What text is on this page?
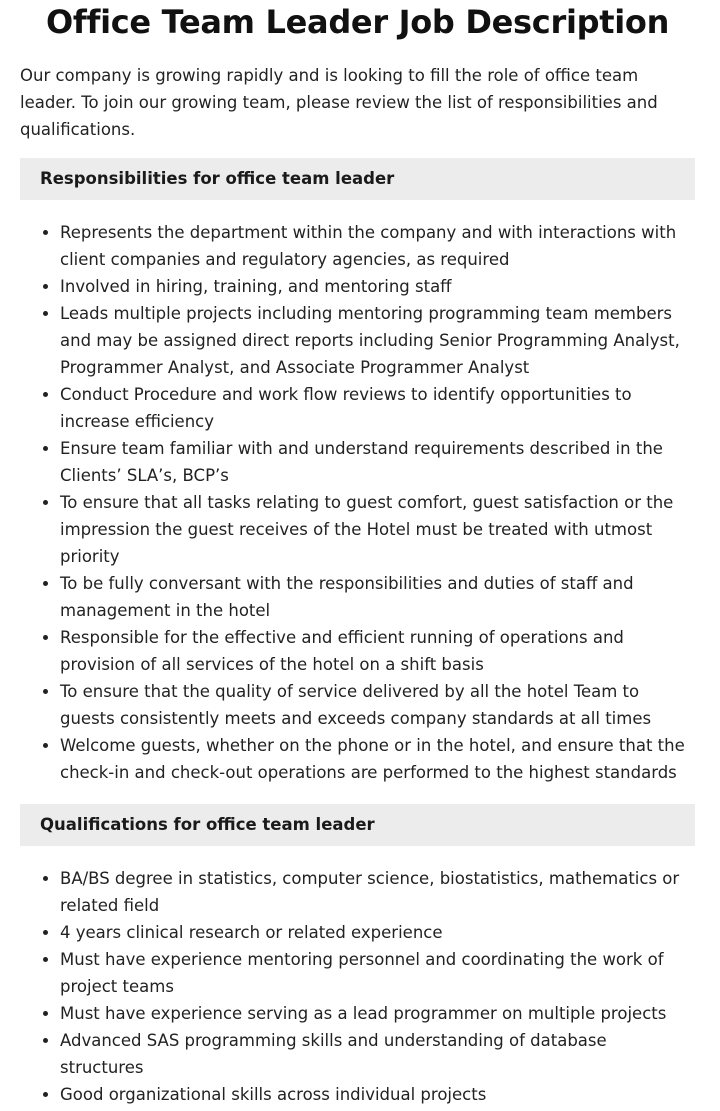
Office Team Leader Job Description

Our company is growing rapidly and is looking to fill the role of office team leader. To join our growing team, please review the list of responsibilities and qualifications.

Responsibilities for office team leader
Represents the department within the company and with interactions with client companies and regulatory agencies, as required
Involved in hiring, training, and mentoring staff
Leads multiple projects including mentoring programming team members and may be assigned direct reports including Senior Programming Analyst, Programmer Analyst, and Associate Programmer Analyst
Conduct Procedure and work flow reviews to identify opportunities to increase efficiency
Ensure team familiar with and understand requirements described in the Clients’ SLA’s, BCP’s
To ensure that all tasks relating to guest comfort, guest satisfaction or the impression the guest receives of the Hotel must be treated with utmost priority
To be fully conversant with the responsibilities and duties of staff and management in the hotel
Responsible for the effective and efficient running of operations and provision of all services of the hotel on a shift basis
To ensure that the quality of service delivered by all the hotel Team to guests consistently meets and exceeds company standards at all times
Welcome guests, whether on the phone or in the hotel, and ensure that the check-in and check-out operations are performed to the highest standards
Qualifications for office team leader
BA/BS degree in statistics, computer science, biostatistics, mathematics or related field
4 years clinical research or related experience
Must have experience mentoring personnel and coordinating the work of project teams
Must have experience serving as a lead programmer on multiple projects
Advanced SAS programming skills and understanding of database structures
Good organizational skills across individual projects
